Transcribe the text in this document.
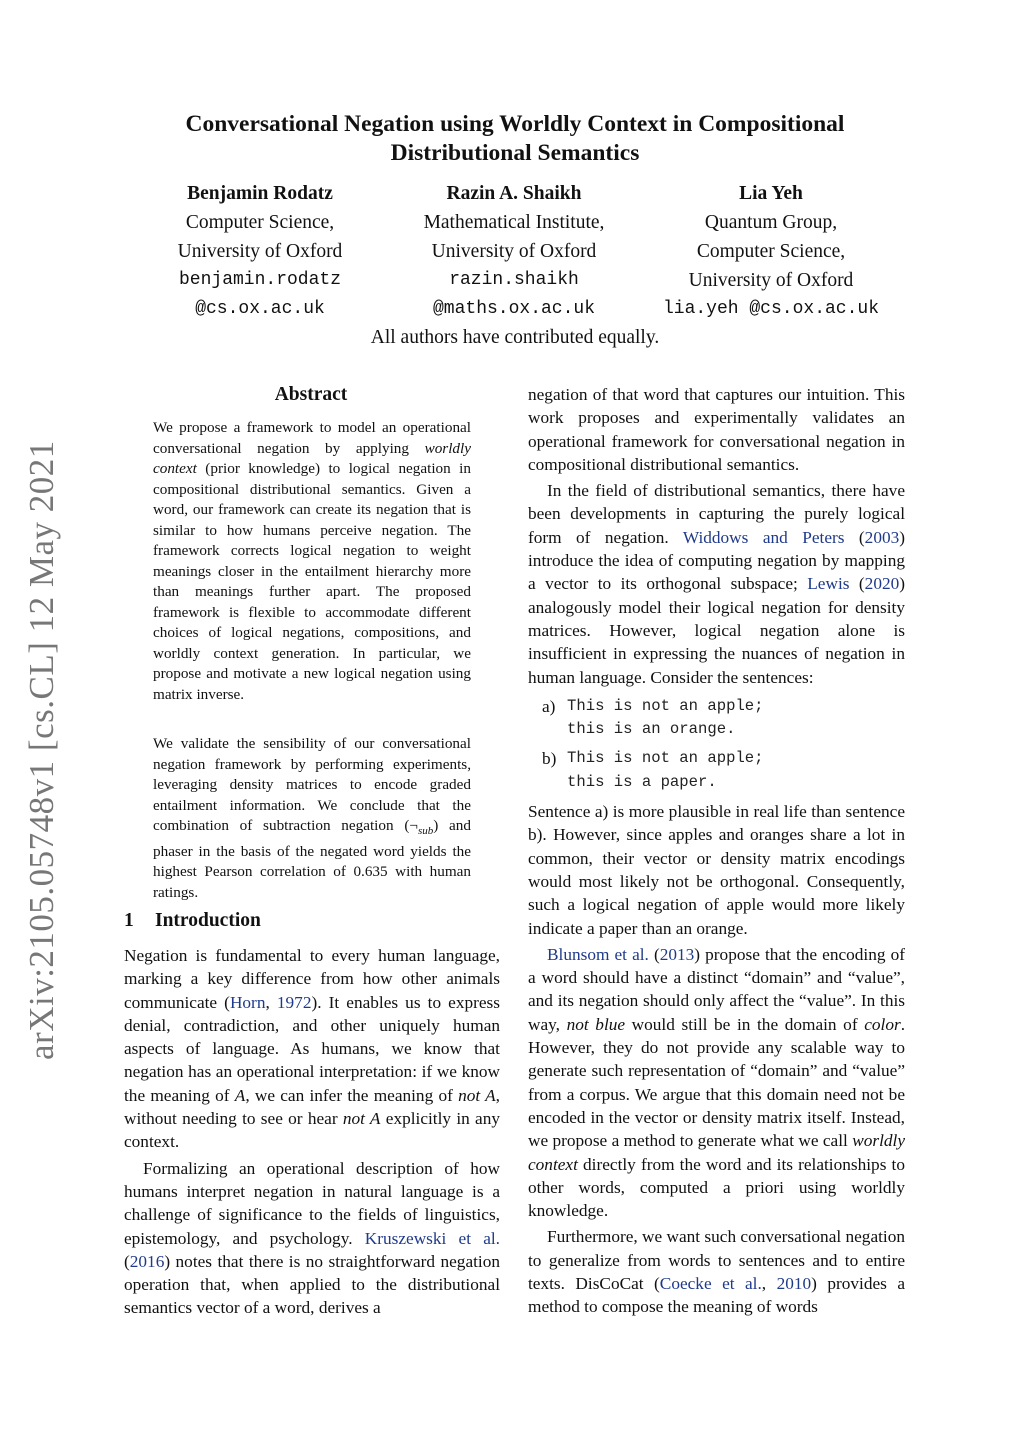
arXiv:2105.05748v1 [cs.CL] 12 May 2021
Conversational Negation using Worldly Context in Compositional Distributional Semantics
Benjamin Rodatz
Computer Science,
University of Oxford
benjamin.rodatz
@cs.ox.ac.uk
Razin A. Shaikh
Mathematical Institute,
University of Oxford
razin.shaikh
@maths.ox.ac.uk
Lia Yeh
Quantum Group,
Computer Science,
University of Oxford
lia.yeh @cs.ox.ac.uk
All authors have contributed equally.
Abstract

We propose a framework to model an operational conversational negation by applying worldly context (prior knowledge) to logical negation in compositional distributional semantics. Given a word, our framework can create its negation that is similar to how humans perceive negation. The framework corrects logical negation to weight meanings closer in the entailment hierarchy more than meanings further apart. The proposed framework is flexible to accommodate different choices of logical negations, compositions, and worldly context generation. In particular, we propose and motivate a new logical negation using matrix inverse.

We validate the sensibility of our conversational negation framework by performing experiments, leveraging density matrices to encode graded entailment information. We conclude that the combination of subtraction negation $(\neg_{sub})$ and phaser in the basis of the negated word yields the highest Pearson correlation of 0.635 with human ratings.

1 Introduction

Negation is fundamental to every human language, marking a key difference from how other animals communicate (Horn, 1972). It enables us to express denial, contradiction, and other uniquely human aspects of language. As humans, we know that negation has an operational interpretation: if we know the meaning of A, we can infer the meaning of not A, without needing to see or hear not A explicitly in any context.

Formalizing an operational description of how humans interpret negation in natural language is a challenge of significance to the fields of linguistics, epistemology, and psychology. Kruszewski et al. (2016) notes that there is no straightforward negation operation that, when applied to the distributional semantics vector of a word, derives a

negation of that word that captures our intuition. This work proposes and experimentally validates an operational framework for conversational negation in compositional distributional semantics.

In the field of distributional semantics, there have been developments in capturing the purely logical form of negation. Widdows and Peters (2003) introduce the idea of computing negation by mapping a vector to its orthogonal subspace; Lewis (2020) analogously model their logical negation for density matrices. However, logical negation alone is insufficient in expressing the nuances of negation in human language. Consider the sentences:

a) This is not an apple;
this is an orange.
b) This is not an apple;
this is a paper.

Sentence a) is more plausible in real life than sentence b). However, since apples and oranges share a lot in common, their vector or density matrix encodings would most likely not be orthogonal. Consequently, such a logical negation of apple would more likely indicate a paper than an orange.

Blunsom et al. (2013) propose that the encoding of a word should have a distinct “domain” and “value”, and its negation should only affect the “value”. In this way, not blue would still be in the domain of color. However, they do not provide any scalable way to generate such representation of “domain” and “value” from a corpus. We argue that this domain need not be encoded in the vector or density matrix itself. Instead, we propose a method to generate what we call worldly context directly from the word and its relationships to other words, computed a priori using worldly knowledge.

Furthermore, we want such conversational negation to generalize from words to sentences and to entire texts. DisCoCat (Coecke et al., 2010) provides a method to compose the meaning of words
